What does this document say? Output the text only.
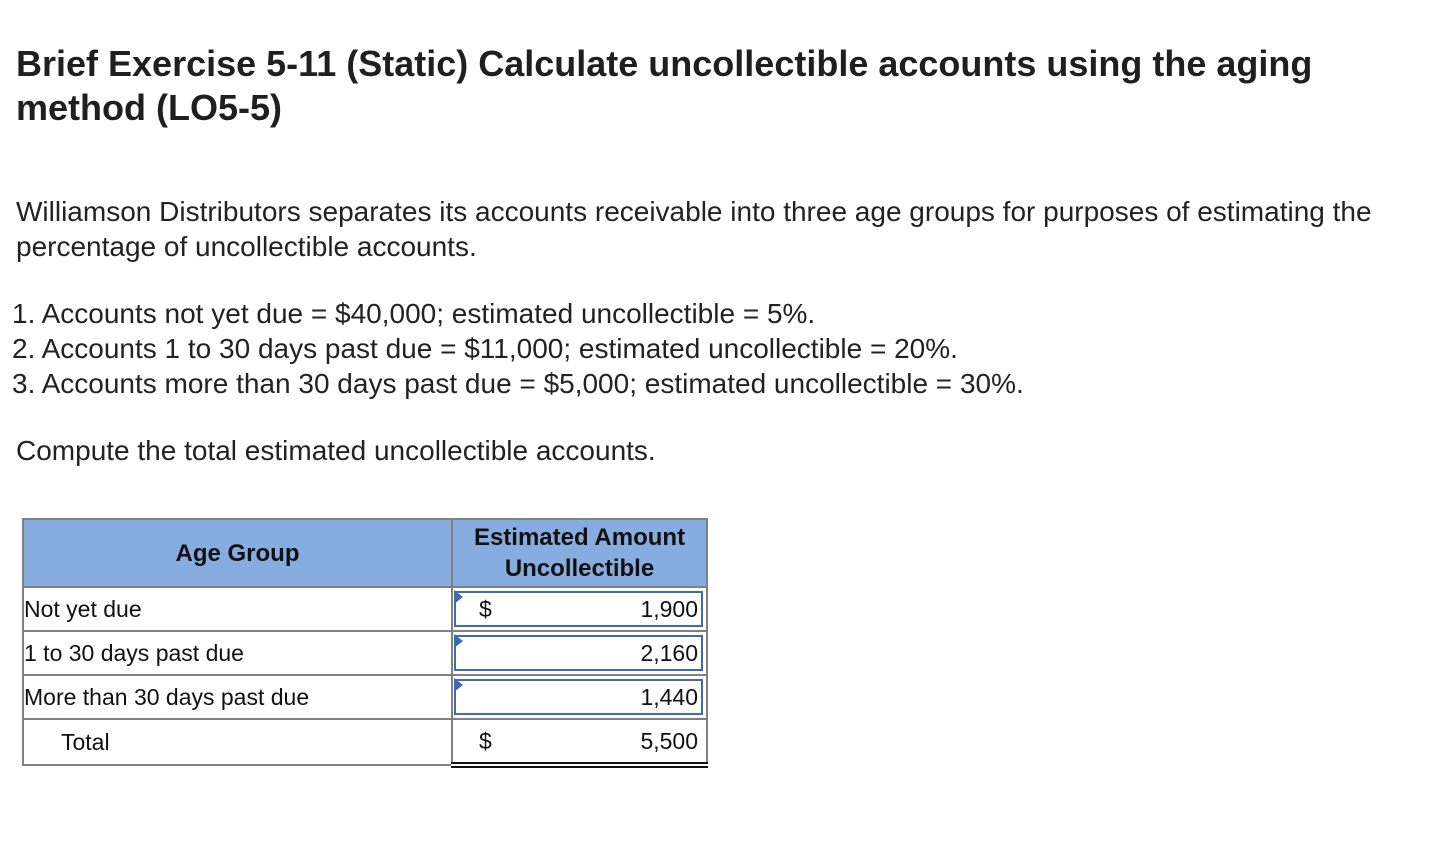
Brief Exercise 5-11 (Static) Calculate uncollectible accounts using the aging method (LO5-5)

Williamson Distributors separates its accounts receivable into three age groups for purposes of estimating the percentage of uncollectible accounts.

1. Accounts not yet due = $40,000; estimated uncollectible = 5%.
2. Accounts 1 to 30 days past due = $11,000; estimated uncollectible = 20%.
3. Accounts more than 30 days past due = $5,000; estimated uncollectible = 30%.

Compute the total estimated uncollectible accounts.

Age Group	Estimated Amount
Uncollectible
Not yet due	$ 1,900

1 to 30 days past due	2,160

More than 30 days past due	1,440

Total	$ 5,500
